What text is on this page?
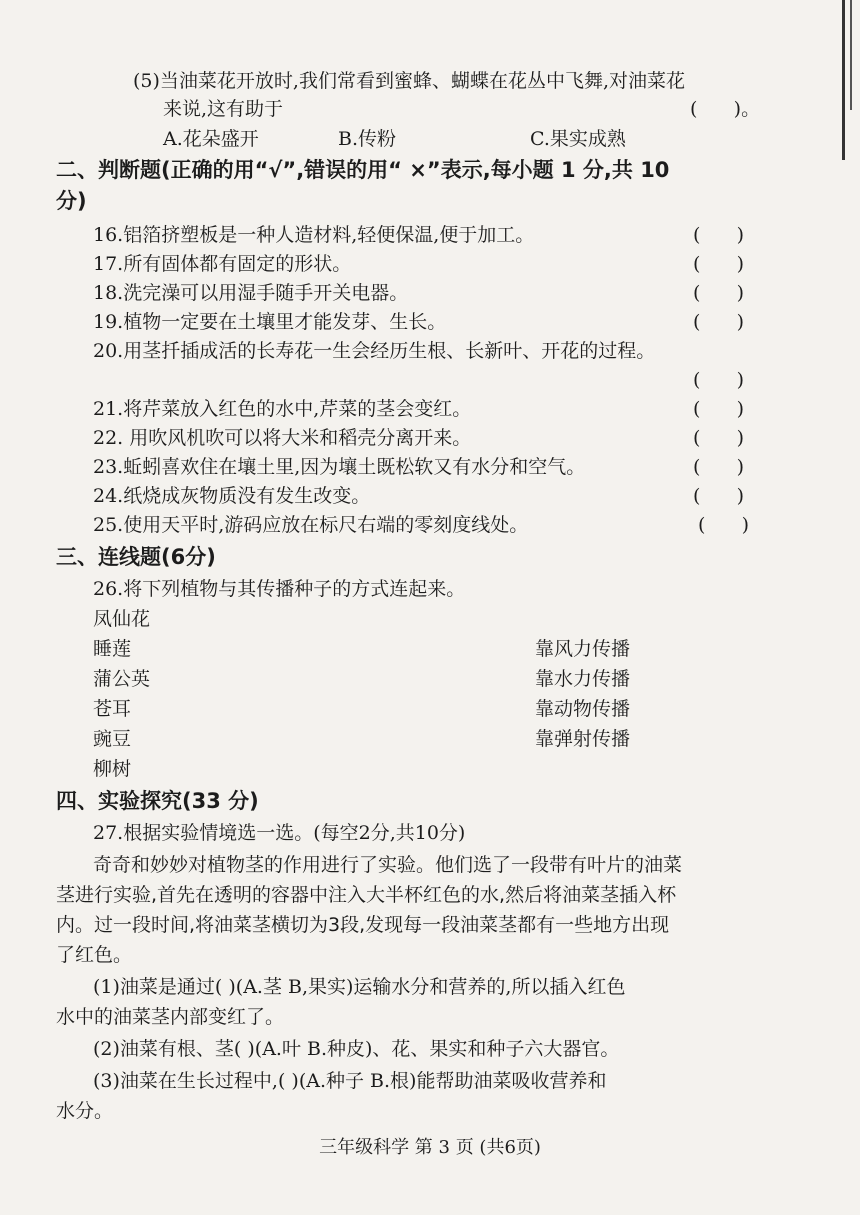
(5)当油菜花开放时,我们常看到蜜蜂、蝴蝶在花丛中飞舞,对油菜花
来说,这有助于	(      )。
A.花朵盛开	B.传粉	C.果实成熟
二、判断题(正确的用“√”,错误的用“ ×”表示,每小题 1 分,共 10
分)
16.铝箔挤塑板是一种人造材料,轻便保温,便于加工。	(      )
17.所有固体都有固定的形状。	(      )
18.洗完澡可以用湿手随手开关电器。	(      )
19.植物一定要在土壤里才能发芽、生长。	(      )
20.用茎扦插成活的长寿花一生会经历生根、长新叶、开花的过程。
(      )
21.将芹菜放入红色的水中,芹菜的茎会变红。	(      )
22. 用吹风机吹可以将大米和稻壳分离开来。	(      )
23.蚯蚓喜欢住在壤土里,因为壤土既松软又有水分和空气。	(      )
24.纸烧成灰物质没有发生改变。	(      )
25.使用天平时,游码应放在标尺右端的零刻度线处。	(      )
三、连线题(6分)
26.将下列植物与其传播种子的方式连起来。
凤仙花
睡莲
蒲公英
苍耳
豌豆
柳树
靠风力传播
靠水力传播
靠动物传播
靠弹射传播
四、实验探究(33 分)
27.根据实验情境选一选。(每空2分,共10分)
奇奇和妙妙对植物茎的作用进行了实验。他们选了一段带有叶片的油菜
茎进行实验,首先在透明的容器中注入大半杯红色的水,然后将油菜茎插入杯
内。过一段时间,将油菜茎横切为3段,发现每一段油菜茎都有一些地方出现
了红色。
(1)油菜是通过( )(A.茎 B,果实)运输水分和营养的,所以插入红色
水中的油菜茎内部变红了。
(2)油菜有根、茎( )(A.叶 B.种皮)、花、果实和种子六大器官。
(3)油菜在生长过程中,( )(A.种子 B.根)能帮助油菜吸收营养和
水分。
三年级科学 第 3 页 (共6页)
